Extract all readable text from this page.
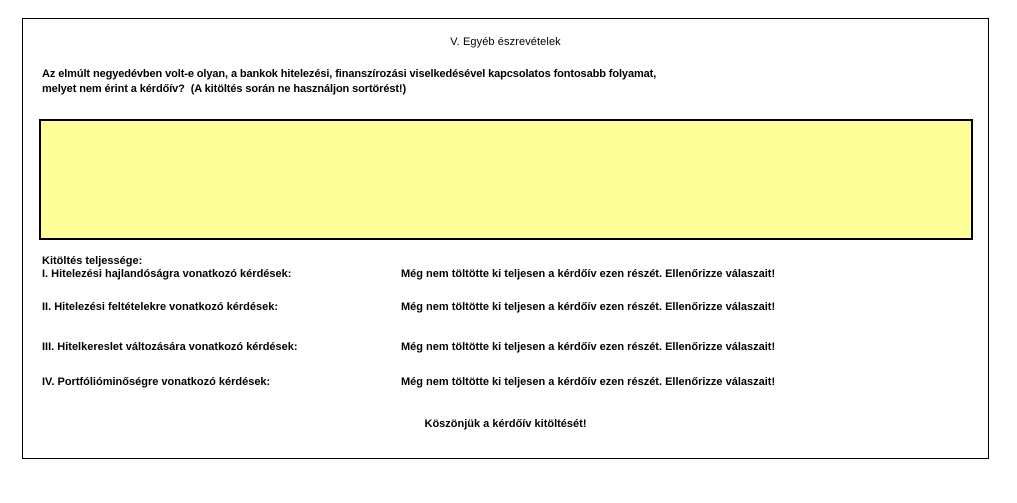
V. Egyéb észrevételek
Az elmúlt negyedévben volt-e olyan, a bankok hitelezési, finanszírozási viselkedésével kapcsolatos fontosabb folyamat,
melyet nem érint a kérdőív?  (A kitöltés során ne használjon sortörést!)
Kitöltés teljessége:
I. Hitelezési hajlandóságra vonatkozó kérdések:	Még nem töltötte ki teljesen a kérdőív ezen részét. Ellenőrizze válaszait!
II. Hitelezési feltételekre vonatkozó kérdések:	Még nem töltötte ki teljesen a kérdőív ezen részét. Ellenőrizze válaszait!
III. Hitelkereslet változására vonatkozó kérdések:	Még nem töltötte ki teljesen a kérdőív ezen részét. Ellenőrizze válaszait!
IV. Portfólióminőségre vonatkozó kérdések:	Még nem töltötte ki teljesen a kérdőív ezen részét. Ellenőrizze válaszait!
Köszönjük a kérdőív kitöltését!
